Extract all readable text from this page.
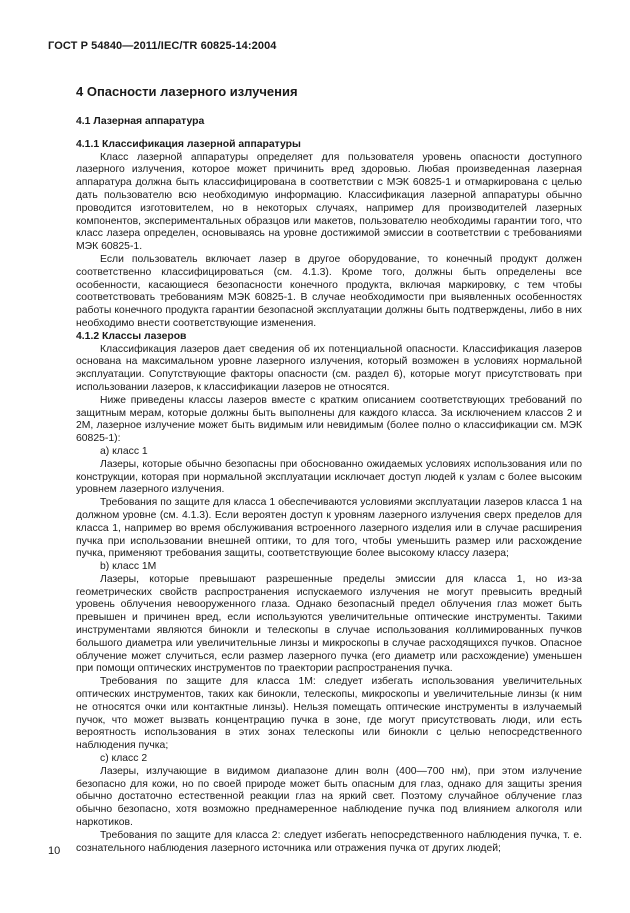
ГОСТ Р 54840—2011/IEC/TR 60825-14:2004
4 Опасности лазерного излучения
4.1 Лазерная аппаратура
4.1.1 Классификация лазерной аппаратуры

Класс лазерной аппаратуры определяет для пользователя уровень опасности доступного лазерного излучения, которое может причинить вред здоровью. Любая произведенная лазерная аппаратура должна быть классифицирована в соответствии с МЭК 60825-1 и отмаркирована с целью дать пользователю всю необходимую информацию. Классификация лазерной аппаратуры обычно проводится изготовителем, но в некоторых случаях, например для производителей лазерных компонентов, экспериментальных образцов или макетов, пользователю необходимы гарантии того, что класс лазера определен, основываясь на уровне достижимой эмиссии в соответствии с требованиями МЭК 60825-1.

Если пользователь включает лазер в другое оборудование, то конечный продукт должен соответственно классифицироваться (см. 4.1.3). Кроме того, должны быть определены все особенности, касающиеся безопасности конечного продукта, включая маркировку, с тем чтобы соответствовать требованиям МЭК 60825-1. В случае необходимости при выявленных особенностях работы конечного продукта гарантии безопасной эксплуатации должны быть подтверждены, либо в них необходимо внести соответствующие изменения.

4.1.2 Классы лазеров

Классификация лазеров дает сведения об их потенциальной опасности. Классификация лазеров основана на максимальном уровне лазерного излучения, который возможен в условиях нормальной эксплуатации. Сопутствующие факторы опасности (см. раздел 6), которые могут присутствовать при использовании лазеров, к классификации лазеров не относятся.

Ниже приведены классы лазеров вместе с кратким описанием соответствующих требований по защитным мерам, которые должны быть выполнены для каждого класса. За исключением классов 2 и 2М, лазерное излучение может быть видимым или невидимым (более полно о классификации см. МЭК 60825-1):

a) класс 1

Лазеры, которые обычно безопасны при обоснованно ожидаемых условиях использования или по конструкции, которая при нормальной эксплуатации исключает доступ людей к узлам с более высоким уровнем лазерного излучения.

Требования по защите для класса 1 обеспечиваются условиями эксплуатации лазеров класса 1 на должном уровне (см. 4.1.3). Если вероятен доступ к уровням лазерного излучения сверх пределов для класса 1, например во время обслуживания встроенного лазерного изделия или в случае расширения пучка при использовании внешней оптики, то для того, чтобы уменьшить размер или расхождение пучка, применяют требования защиты, соответствующие более высокому классу лазера;

b) класс 1М

Лазеры, которые превышают разрешенные пределы эмиссии для класса 1, но из-за геометрических свойств распространения испускаемого излучения не могут превысить вредный уровень облучения невооруженного глаза. Однако безопасный предел облучения глаз может быть превышен и причинен вред, если используются увеличительные оптические инструменты. Такими инструментами являются бинокли и телескопы в случае использования коллимированных пучков большого диаметра или увеличительные линзы и микроскопы в случае расходящихся пучков. Опасное облучение может случиться, если размер лазерного пучка (его диаметр или расхождение) уменьшен при помощи оптических инструментов по траектории распространения пучка.

Требования по защите для класса 1М: следует избегать использования увеличительных оптических инструментов, таких как бинокли, телескопы, микроскопы и увеличительные линзы (к ним не относятся очки или контактные линзы). Нельзя помещать оптические инструменты в излучаемый пучок, что может вызвать концентрацию пучка в зоне, где могут присутствовать люди, или есть вероятность использования в этих зонах телескопы или бинокли с целью непосредственного наблюдения пучка;

c) класс 2

Лазеры, излучающие в видимом диапазоне длин волн (400—700 нм), при этом излучение безопасно для кожи, но по своей природе может быть опасным для глаз, однако для защиты зрения обычно достаточно естественной реакции глаз на яркий свет. Поэтому случайное облучение глаз обычно безопасно, хотя возможно преднамеренное наблюдение пучка под влиянием алкоголя или наркотиков.

Требования по защите для класса 2: следует избегать непосредственного наблюдения пучка, т. е. сознательного наблюдения лазерного источника или отражения пучка от других людей;

10
